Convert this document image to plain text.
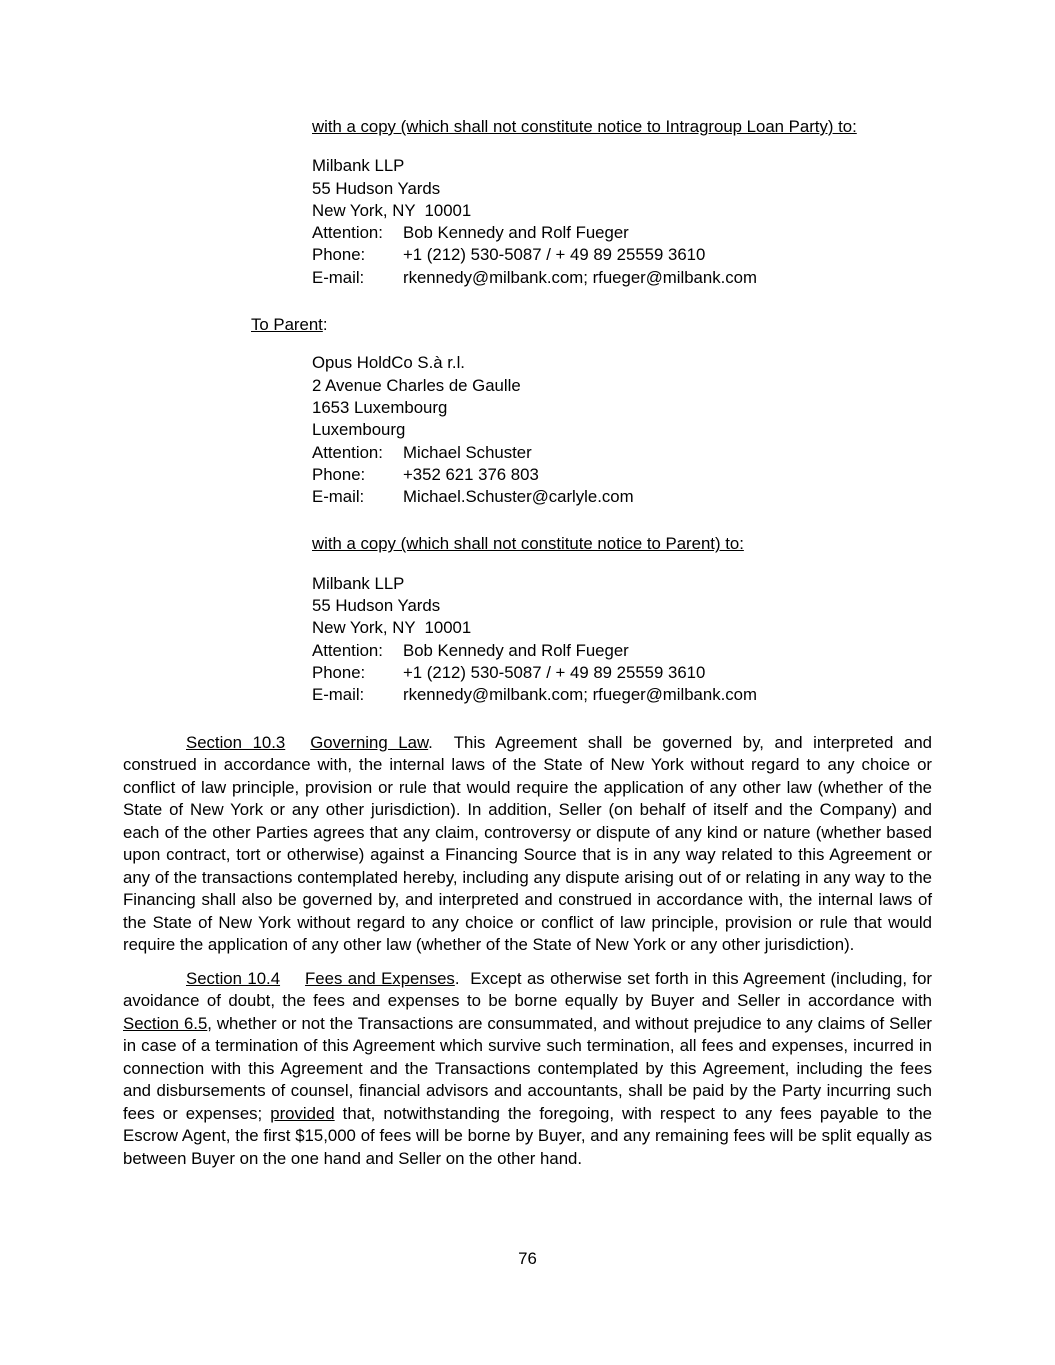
with a copy (which shall not constitute notice to Intragroup Loan Party) to:

Milbank LLP
55 Hudson Yards
New York, NY  10001
Attention:	Bob Kennedy and Rolf Fueger
Phone:	+1 (212) 530-5087 / + 49 89 25559 3610
E-mail:	rkennedy@milbank.com; rfueger@milbank.com

To Parent:

Opus HoldCo S.à r.l.
2 Avenue Charles de Gaulle
1653 Luxembourg
Luxembourg
Attention:	Michael Schuster
Phone:	+352 621 376 803
E-mail:	Michael.Schuster@carlyle.com

with a copy (which shall not constitute notice to Parent) to:

Milbank LLP
55 Hudson Yards
New York, NY  10001
Attention:	Bob Kennedy and Rolf Fueger
Phone:	+1 (212) 530-5087 / + 49 89 25559 3610
E-mail:	rkennedy@milbank.com; rfueger@milbank.com

Section 10.3 Governing Law.  This Agreement shall be governed by, and interpreted and construed in accordance with, the internal laws of the State of New York without regard to any choice or conflict of law principle, provision or rule that would require the application of any other law (whether of the State of New York or any other jurisdiction). In addition, Seller (on behalf of itself and the Company) and each of the other Parties agrees that any claim, controversy or dispute of any kind or nature (whether based upon contract, tort or otherwise) against a Financing Source that is in any way related to this Agreement or any of the transactions contemplated hereby, including any dispute arising out of or relating in any way to the Financing shall also be governed by, and interpreted and construed in accordance with, the internal laws of the State of New York without regard to any choice or conflict of law principle, provision or rule that would require the application of any other law (whether of the State of New York or any other jurisdiction).

Section 10.4 Fees and Expenses.  Except as otherwise set forth in this Agreement (including, for avoidance of doubt, the fees and expenses to be borne equally by Buyer and Seller in accordance with Section 6.5, whether or not the Transactions are consummated, and without prejudice to any claims of Seller in case of a termination of this Agreement which survive such termination, all fees and expenses, incurred in connection with this Agreement and the Transactions contemplated by this Agreement, including the fees and disbursements of counsel, financial advisors and accountants, shall be paid by the Party incurring such fees or expenses; provided that, notwithstanding the foregoing, with respect to any fees payable to the Escrow Agent, the first $15,000 of fees will be borne by Buyer, and any remaining fees will be split equally as between Buyer on the one hand and Seller on the other hand.

76
